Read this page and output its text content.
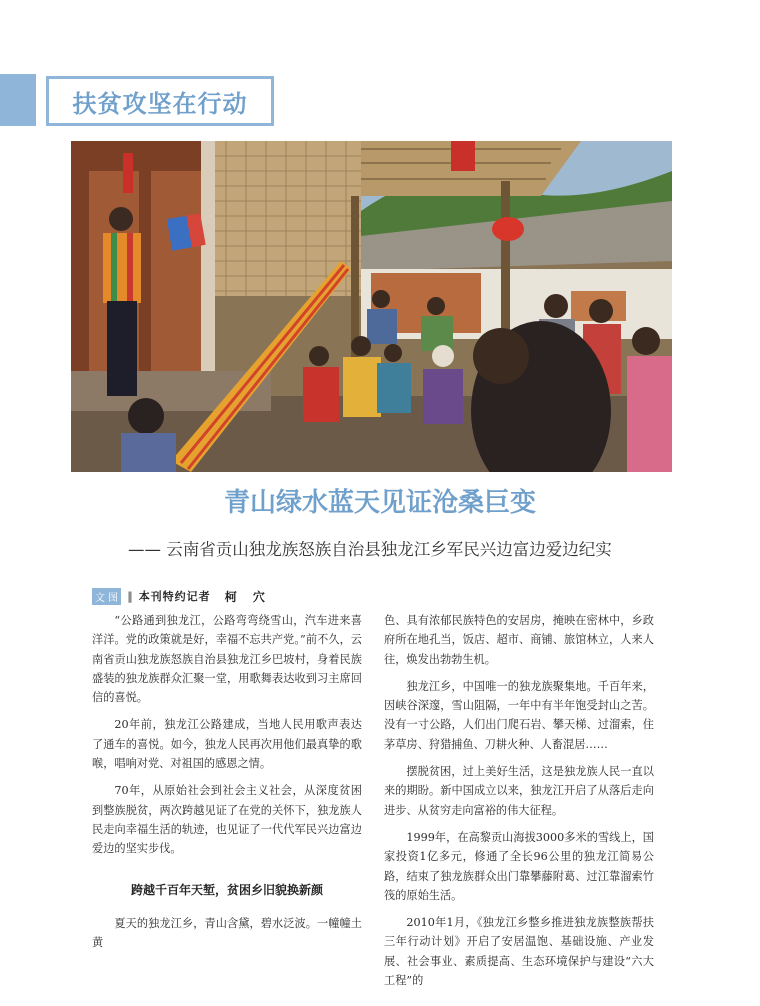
扶贫攻坚在行动
青山绿水蓝天见证沧桑巨变
—— 云南省贡山独龙族怒族自治县独龙江乡军民兴边富边爱边纪实
文 图 ‖ 本刊特约记者 柯 穴

“公路通到独龙江，公路弯弯绕雪山，汽车进来喜洋洋。党的政策就是好，幸福不忘共产党。”前不久，云南省贡山独龙族怒族自治县独龙江乡巴坡村，身着民族盛装的独龙族群众汇聚一堂，用歌舞表达收到习主席回信的喜悦。

20年前，独龙江公路建成，当地人民用歌声表达了通车的喜悦。如今，独龙人民再次用他们最真挚的歌喉，唱响对党、对祖国的感恩之情。

70年，从原始社会到社会主义社会，从深度贫困到整族脱贫，两次跨越见证了在党的关怀下，独龙族人民走向幸福生活的轨迹，也见证了一代代军民兴边富边爱边的坚实步伐。

跨越千百年天堑，贫困乡旧貌换新颜

夏天的独龙江乡，青山含黛，碧水泛波。一幢幢土黄

色、具有浓郁民族特色的安居房，掩映在密林中，乡政府所在地孔当，饭店、超市、商铺、旅馆林立，人来人往，焕发出勃勃生机。

独龙江乡，中国唯一的独龙族聚集地。千百年来，因峡谷深邃，雪山阻隔，一年中有半年饱受封山之苦。没有一寸公路，人们出门爬石岩、攀天梯、过溜索，住茅草房、狩猎捕鱼、刀耕火种、人畜混居……

摆脱贫困，过上美好生活，这是独龙族人民一直以来的期盼。新中国成立以来，独龙江开启了从落后走向进步、从贫穷走向富裕的伟大征程。

1999年，在高黎贡山海拔3000多米的雪线上，国家投资1亿多元，修通了全长96公里的独龙江简易公路，结束了独龙族群众出门靠攀藤附葛、过江靠溜索竹筏的原始生活。

2010年1月，《独龙江乡整乡推进独龙族整族帮扶三年行动计划》开启了安居温饱、基础设施、产业发展、社会事业、素质提高、生态环境保护与建设“六大工程”的
